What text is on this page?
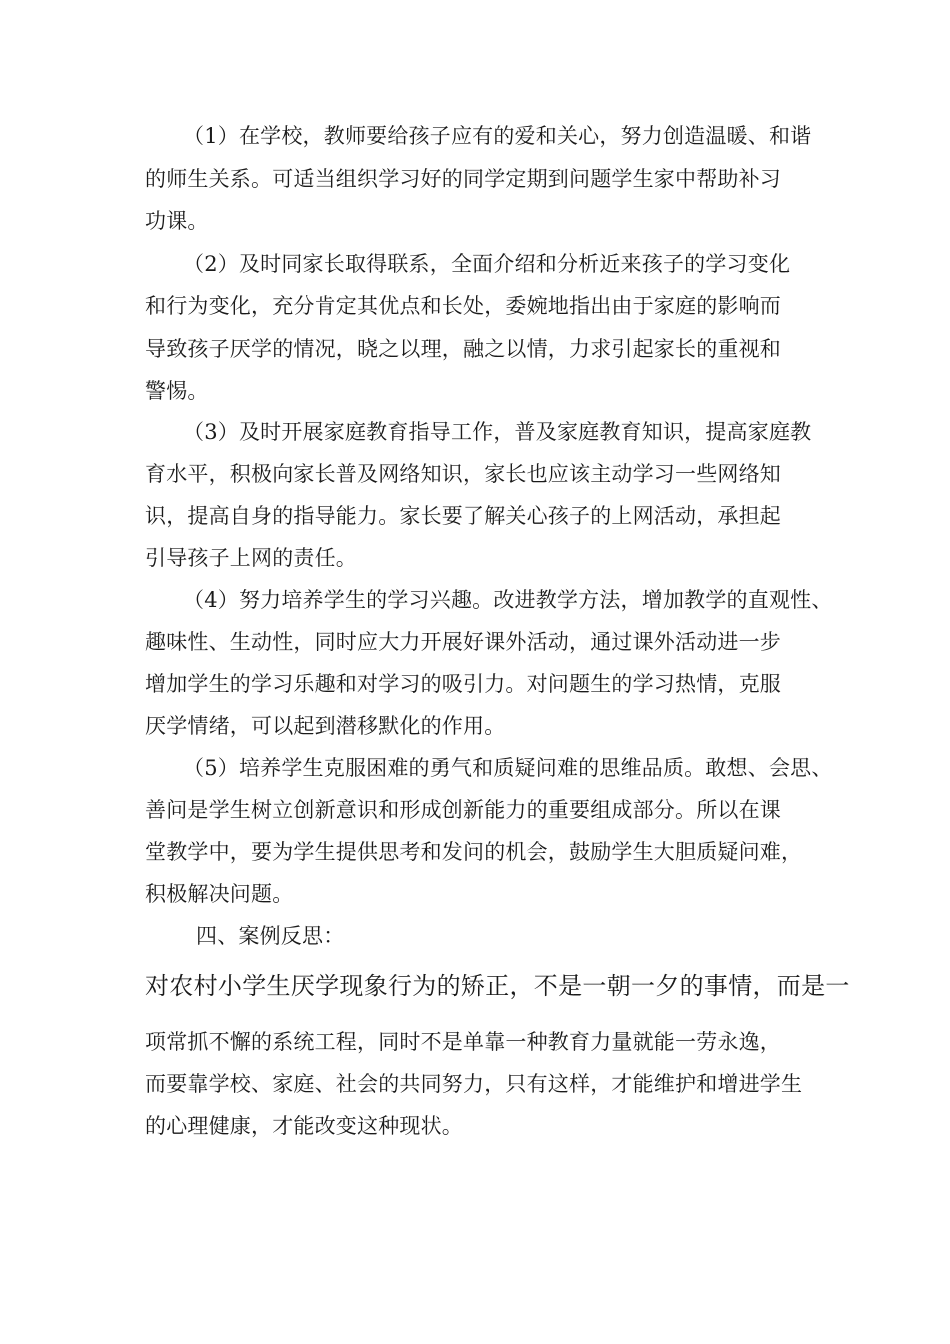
（1）在学校，教师要给孩子应有的爱和关心，努力创造温暖、和谐
的师生关系。可适当组织学习好的同学定期到问题学生家中帮助补习
功课。
（2）及时同家长取得联系，全面介绍和分析近来孩子的学习变化
和行为变化，充分肯定其优点和长处，委婉地指出由于家庭的影响而
导致孩子厌学的情况，晓之以理，融之以情，力求引起家长的重视和
警惕。
（3）及时开展家庭教育指导工作，普及家庭教育知识，提高家庭教
育水平，积极向家长普及网络知识，家长也应该主动学习一些网络知
识，提高自身的指导能力。家长要了解关心孩子的上网活动，承担起
引导孩子上网的责任。
（4）努力培养学生的学习兴趣。改进教学方法，增加教学的直观性、
趣味性、生动性，同时应大力开展好课外活动，通过课外活动进一步
增加学生的学习乐趣和对学习的吸引力。对问题生的学习热情，克服
厌学情绪，可以起到潜移默化的作用。
（5）培养学生克服困难的勇气和质疑问难的思维品质。敢想、会思、
善问是学生树立创新意识和形成创新能力的重要组成部分。所以在课
堂教学中，要为学生提供思考和发问的机会，鼓励学生大胆质疑问难，
积极解决问题。
四、案例反思：
对农村小学生厌学现象行为的矫正，不是一朝一夕的事情，而是一
项常抓不懈的系统工程，同时不是单靠一种教育力量就能一劳永逸，
而要靠学校、家庭、社会的共同努力，只有这样，才能维护和增进学生
的心理健康，才能改变这种现状。
